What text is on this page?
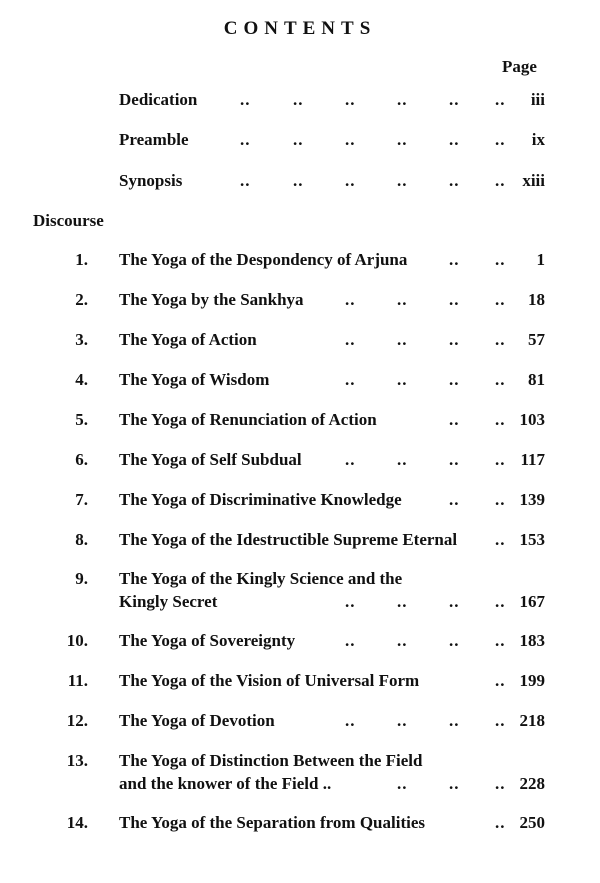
CONTENTS
Page
Dedication	..	.. .. .. .. .. iii
Preamble	..	.. .. .. .. .. ix
Synopsis	..	.. .. .. .. .. xiii
Discourse
1. The Yoga of the Despondency of Arjuna .. .. 1
2. The Yoga by the Sankhya .. .. .. .. 18
3. The Yoga of Action	.. .. .. .. 57
4. The Yoga of Wisdom	.. .. .. .. 81
5. The Yoga of Renunciation of Action	.. .. 103
6. The Yoga of Self Subdual	.. .. .. .. 117
7. The Yoga of Discriminative Knowledge	.. .. 139
8. The Yoga of the Idestructible Supreme Eternal .. 153
9. The Yoga of the Kingly Science and the
Kingly Secret	.. .. .. .. 167
10. The Yoga of Sovereignty	.. .. .. .. 183
11. The Yoga of the Vision of Universal Form	.. 199
12. The Yoga of Devotion	.. .. .. .. 218
13. The Yoga of Distinction Between the Field
and the knower of the Field ..	.. .. .. 228
14. The Yoga of the Separation from Qualities	.. 250
